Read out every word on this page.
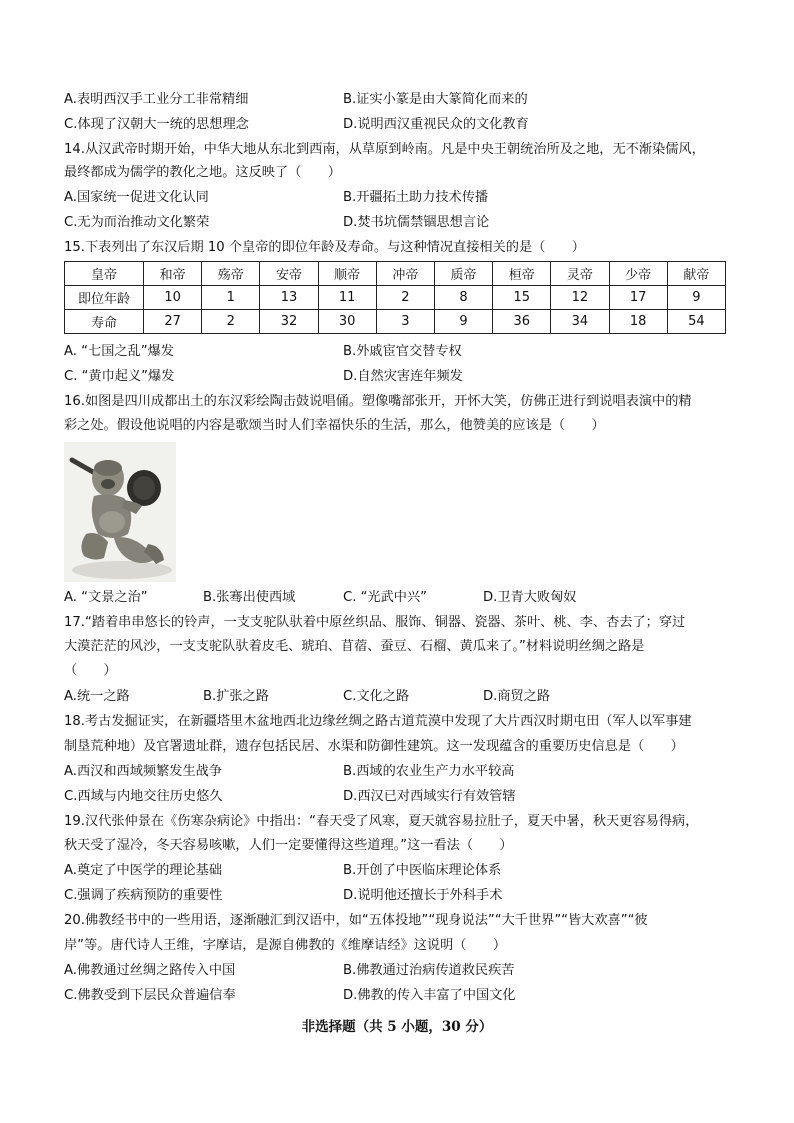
A.表明西汉手工业分工非常精细	B.证实小篆是由大篆简化而来的
C.体现了汉朝大一统的思想理念	D.说明西汉重视民众的文化教育
14.从汉武帝时期开始，中华大地从东北到西南，从草原到岭南。凡是中央王朝统治所及之地，无不渐染儒风，
最终都成为儒学的教化之地。这反映了（　　）
A.国家统一促进文化认同	B.开疆拓土助力技术传播
C.无为而治推动文化繁荣	D.焚书坑儒禁锢思想言论
15.下表列出了东汉后期 10 个皇帝的即位年龄及寿命。与这种情况直接相关的是（　　）
皇帝	和帝	殇帝	安帝	顺帝	冲帝	质帝	桓帝	灵帝	少帝	献帝
即位年龄	10	1	13	11	2	8	15	12	17	9
寿命	27	2	32	30	3	9	36	34	18	54
A. “七国之乱”爆发	B.外戚宦官交替专权
C. “黄巾起义”爆发	D.自然灾害连年频发
16.如图是四川成都出土的东汉彩绘陶击鼓说唱俑。塑像嘴部张开，开怀大笑，仿佛正进行到说唱表演中的精
彩之处。假设他说唱的内容是歌颂当时人们幸福快乐的生活，那么，他赞美的应该是（　　）
A. “文景之治”	B.张骞出使西域	C. “光武中兴”	D.卫青大败匈奴
17.“踏着串串悠长的铃声，一支支驼队驮着中原丝织品、服饰、铜器、瓷器、茶叶、桃、李、杏去了；穿过
大漠茫茫的风沙，一支支驼队驮着皮毛、琥珀、苜蓿、蚕豆、石榴、黄瓜来了。”材料说明丝绸之路是
（　　）
A.统一之路	B.扩张之路	C.文化之路	D.商贸之路
18.考古发掘证实，在新疆塔里木盆地西北边缘丝绸之路古道荒漠中发现了大片西汉时期屯田（军人以军事建
制垦荒种地）及官署遗址群，遗存包括民居、水渠和防御性建筑。这一发现蕴含的重要历史信息是（　　）
A.西汉和西域频繁发生战争	B.西域的农业生产力水平较高
C.西域与内地交往历史悠久	D.西汉已对西域实行有效管辖
19.汉代张仲景在《伤寒杂病论》中指出：“春天受了风寒，夏天就容易拉肚子，夏天中暑，秋天更容易得病，
秋天受了湿冷，冬天容易咳嗽，人们一定要懂得这些道理。”这一看法（　　）
A.奠定了中医学的理论基础	B.开创了中医临床理论体系
C.强调了疾病预防的重要性	D.说明他还擅长于外科手术
20.佛教经书中的一些用语，逐渐融汇到汉语中，如“五体投地”“现身说法”“大千世界”“皆大欢喜”“彼
岸”等。唐代诗人王维，字摩诘，是源自佛教的《维摩诘经》这说明（　　）
A.佛教通过丝绸之路传入中国	B.佛教通过治病传道救民疾苦
C.佛教受到下层民众普遍信奉	D.佛教的传入丰富了中国文化
非选择题（共 5 小题，30 分）
